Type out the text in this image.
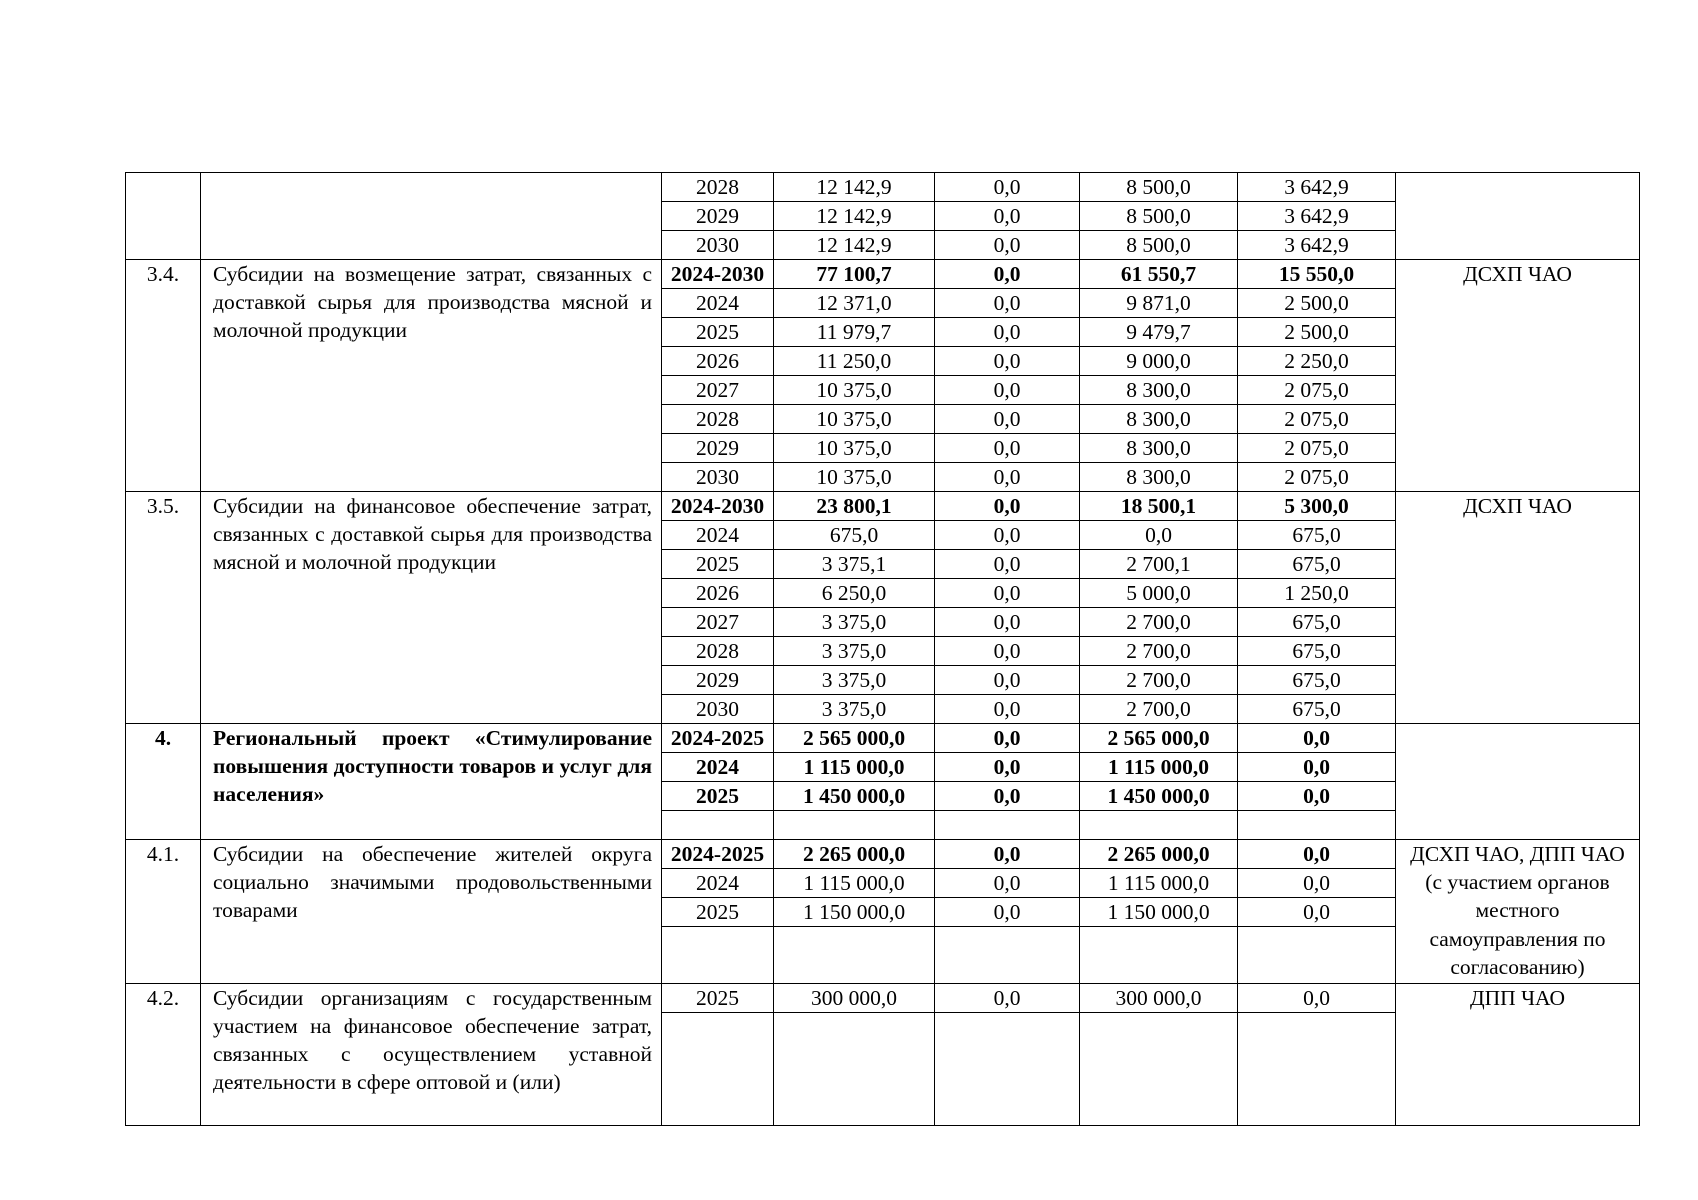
		2028	12 142,9	0,0	8 500,0	3 642,9	
		2029	12 142,9	0,0	8 500,0	3 642,9	
		2030	12 142,9	0,0	8 500,0	3 642,9	
3.4.	Субсидии на возмещение затрат, связанных с доставкой сырья для производства мясной и молочной продукции	2024-2030	77 100,7	0,0	61 550,7	15 550,0	ДСХП ЧАО
		2024	12 371,0	0,0	9 871,0	2 500,0	
		2025	11 979,7	0,0	9 479,7	2 500,0	
		2026	11 250,0	0,0	9 000,0	2 250,0	
		2027	10 375,0	0,0	8 300,0	2 075,0	
		2028	10 375,0	0,0	8 300,0	2 075,0	
		2029	10 375,0	0,0	8 300,0	2 075,0	
		2030	10 375,0	0,0	8 300,0	2 075,0	
3.5.	Субсидии на финансовое обеспечение затрат, связанных с доставкой сырья для производства мясной и молочной продукции	2024-2030	23 800,1	0,0	18 500,1	5 300,0	ДСХП ЧАО
		2024	675,0	0,0	0,0	675,0	
		2025	3 375,1	0,0	2 700,1	675,0	
		2026	6 250,0	0,0	5 000,0	1 250,0	
		2027	3 375,0	0,0	2 700,0	675,0	
		2028	3 375,0	0,0	2 700,0	675,0	
		2029	3 375,0	0,0	2 700,0	675,0	
		2030	3 375,0	0,0	2 700,0	675,0	
4.	Региональный проект «Стимулирование повышения доступности товаров и услуг для населения»	2024-2025	2 565 000,0	0,0	2 565 000,0	0,0	
		2024	1 115 000,0	0,0	1 115 000,0	0,0	
		2025	1 450 000,0	0,0	1 450 000,0	0,0	

4.1.	Субсидии на обеспечение жителей округа социально значимыми продовольственными товарами	2024-2025	2 265 000,0	0,0	2 265 000,0	0,0	ДСХП ЧАО, ДПП ЧАО (с участием органов местного самоуправления по согласованию)
		2024	1 115 000,0	0,0	1 115 000,0	0,0	
		2025	1 150 000,0	0,0	1 150 000,0	0,0	

4.2.	Субсидии организациям с государственным участием на финансовое обеспечение затрат, связанных с осуществлением уставной деятельности в сфере оптовой и (или)	2025	300 000,0	0,0	300 000,0	0,0	ДПП ЧАО
